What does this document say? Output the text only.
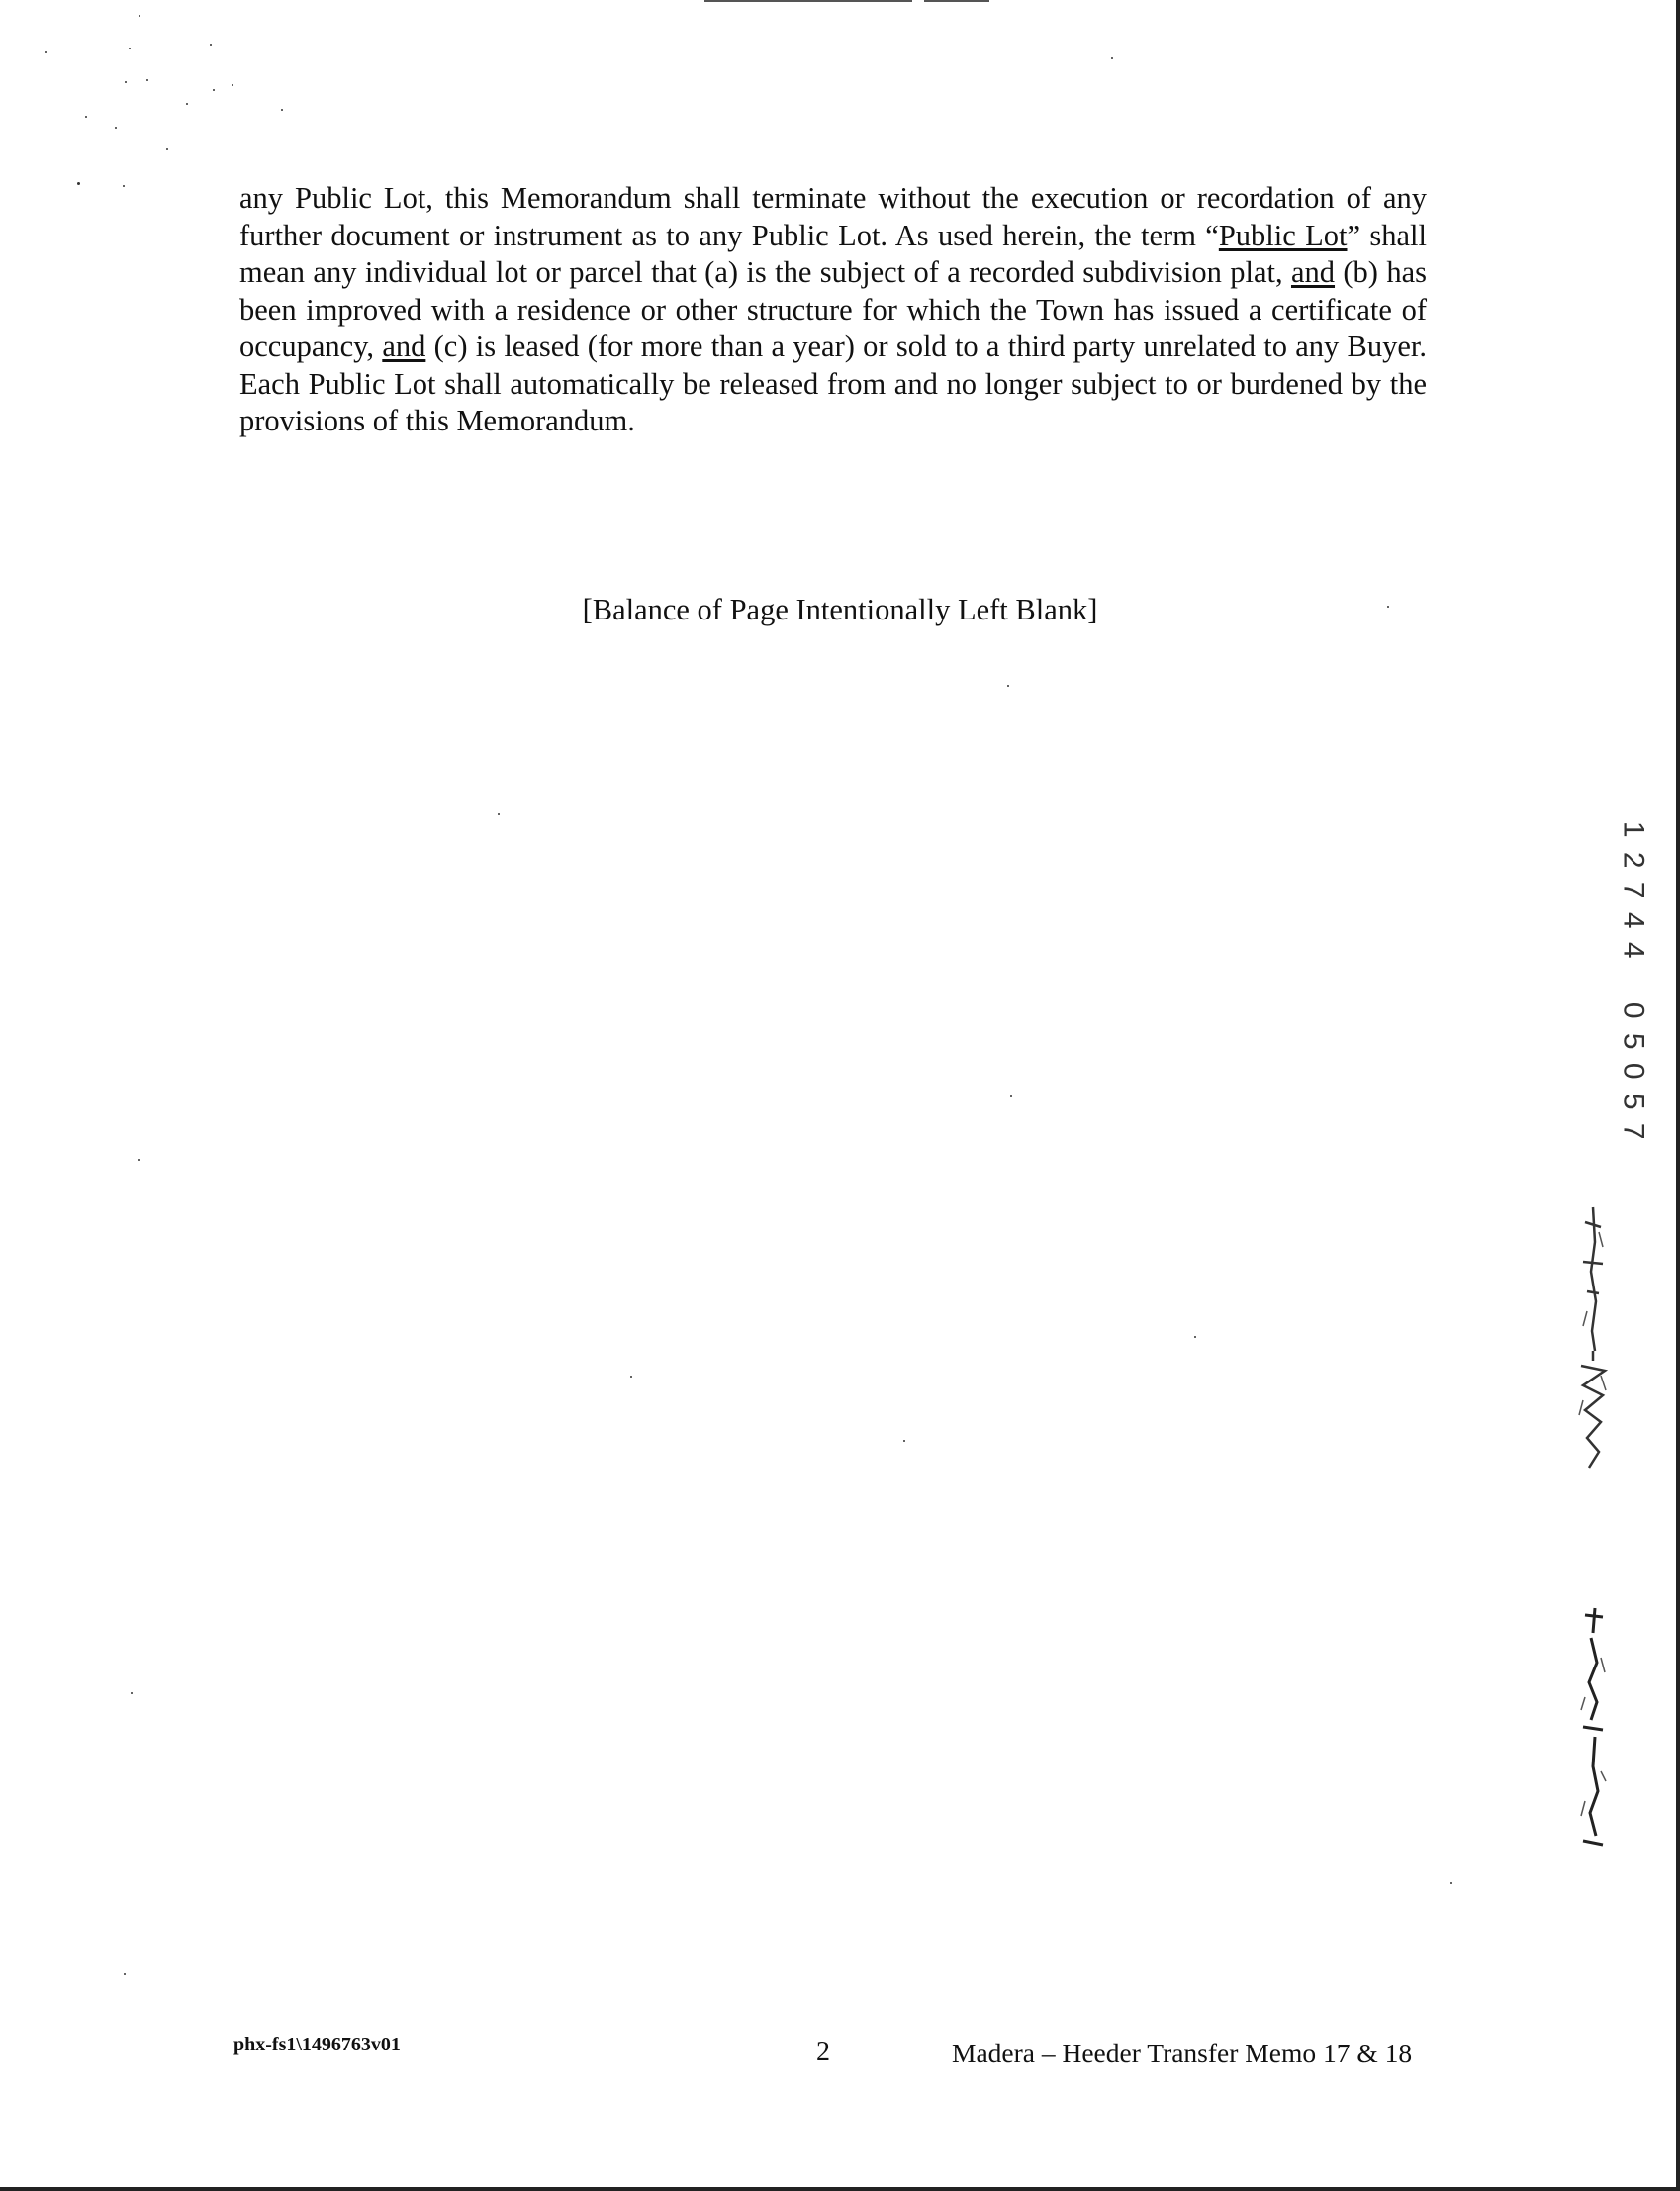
any Public Lot, this Memorandum shall terminate without the execution or recordation of any further document or instrument as to any Public Lot. As used herein, the term “Public Lot” shall mean any individual lot or parcel that (a) is the subject of a recorded subdivision plat, and (b) has been improved with a residence or other structure for which the Town has issued a certificate of occupancy, and (c) is leased (for more than a year) or sold to a third party unrelated to any Buyer. Each Public Lot shall automatically be released from and no longer subject to or burdened by the provisions of this Memorandum.

[Balance of Page Intentionally Left Blank]
1
2
7
4
4

0
5
0
5
7
phx-fs1\1496763v01	2	Madera – Heeder Transfer Memo 17 & 18
